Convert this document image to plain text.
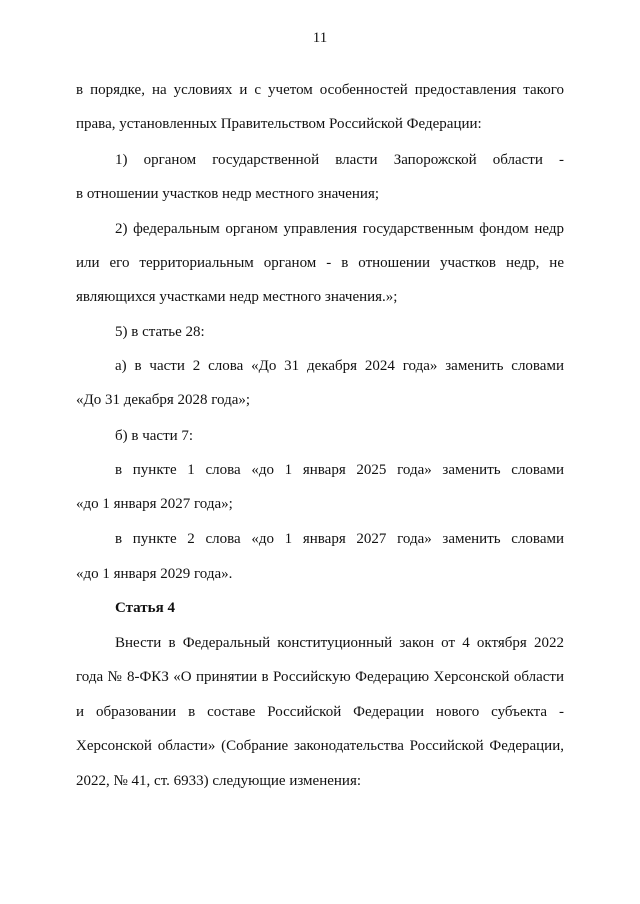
11
в порядке, на условиях и с учетом особенностей предоставления такого
права, установленных Правительством Российской Федерации:
1) органом государственной власти Запорожской области -
в отношении участков недр местного значения;
2) федеральным органом управления государственным фондом недр
или его территориальным органом - в отношении участков недр, не
являющихся участками недр местного значения.»;
5) в статье 28:
а) в части 2 слова «До 31 декабря 2024 года» заменить словами
«До 31 декабря 2028 года»;
б) в части 7:
в пункте 1 слова «до 1 января 2025 года» заменить словами
«до 1 января 2027 года»;
в пункте 2 слова «до 1 января 2027 года» заменить словами
«до 1 января 2029 года».
Статья 4
Внести в Федеральный конституционный закон от 4 октября 2022
года № 8-ФКЗ «О принятии в Российскую Федерацию Херсонской области
и образовании в составе Российской Федерации нового субъекта -
Херсонской области» (Собрание законодательства Российской Федерации,
2022, № 41, ст. 6933) следующие изменения:
